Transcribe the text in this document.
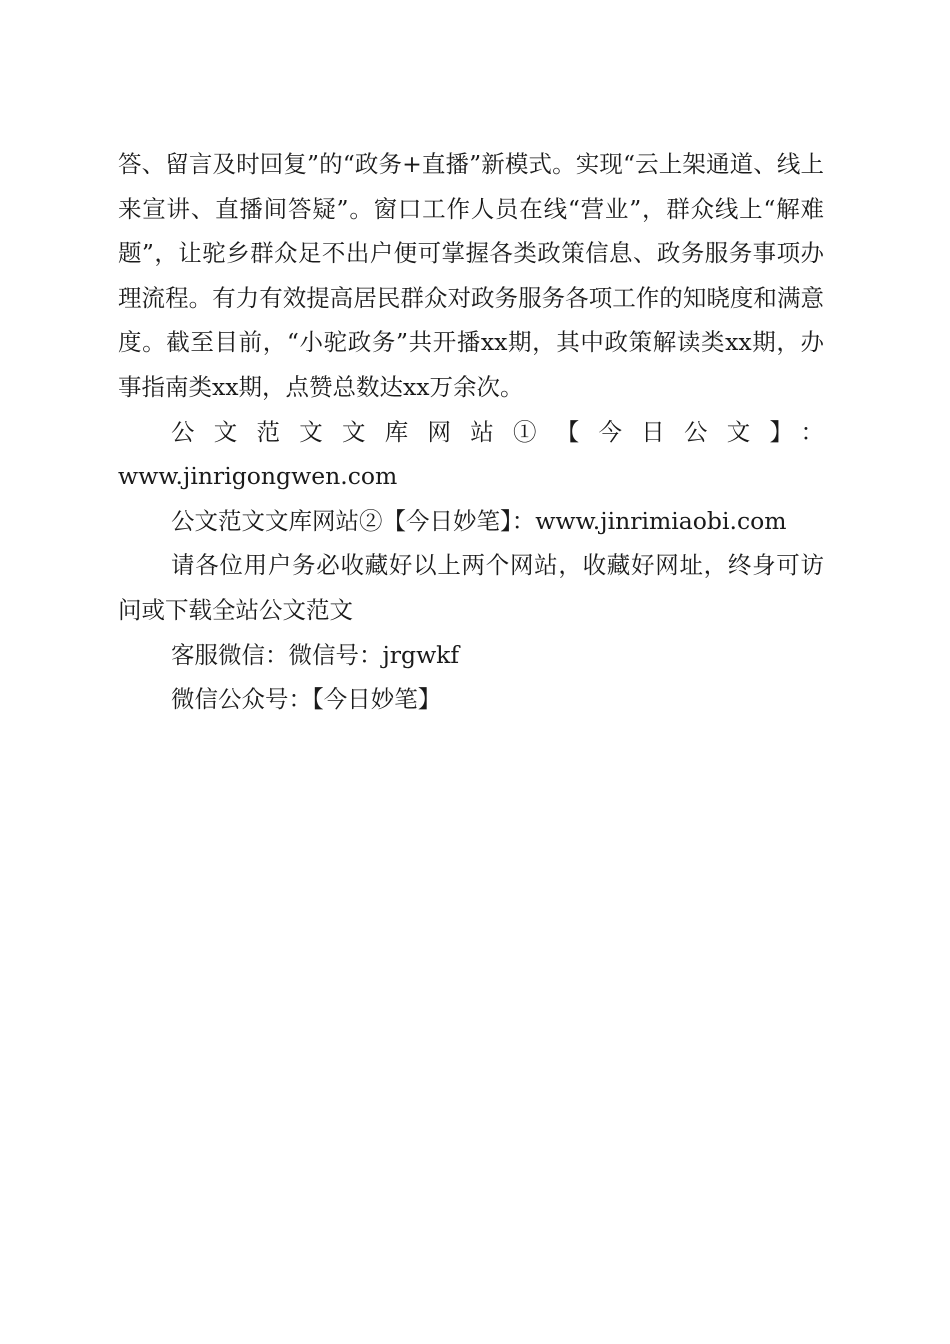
答、留言及时回复”的“政务+直播”新模式。实现“云上架通道、线上来宣讲、直播间答疑”。窗口工作人员在线“营业”，群众线上“解难题”，让驼乡群众足不出户便可掌握各类政策信息、政务服务事项办理流程。有力有效提高居民群众对政务服务各项工作的知晓度和满意度。截至目前，“小驼政务”共开播xx期，其中政策解读类xx期，办事指南类xx期，点赞总数达xx万余次。

公文范文文库网站①【今日公文】：

www.jinrigongwen.com

公文范文文库网站②【今日妙笔】：www.jinrimiaobi.com

请各位用户务必收藏好以上两个网站，收藏好网址，终身可访问或下载全站公文范文

客服微信：微信号：jrgwkf

微信公众号：【今日妙笔】
